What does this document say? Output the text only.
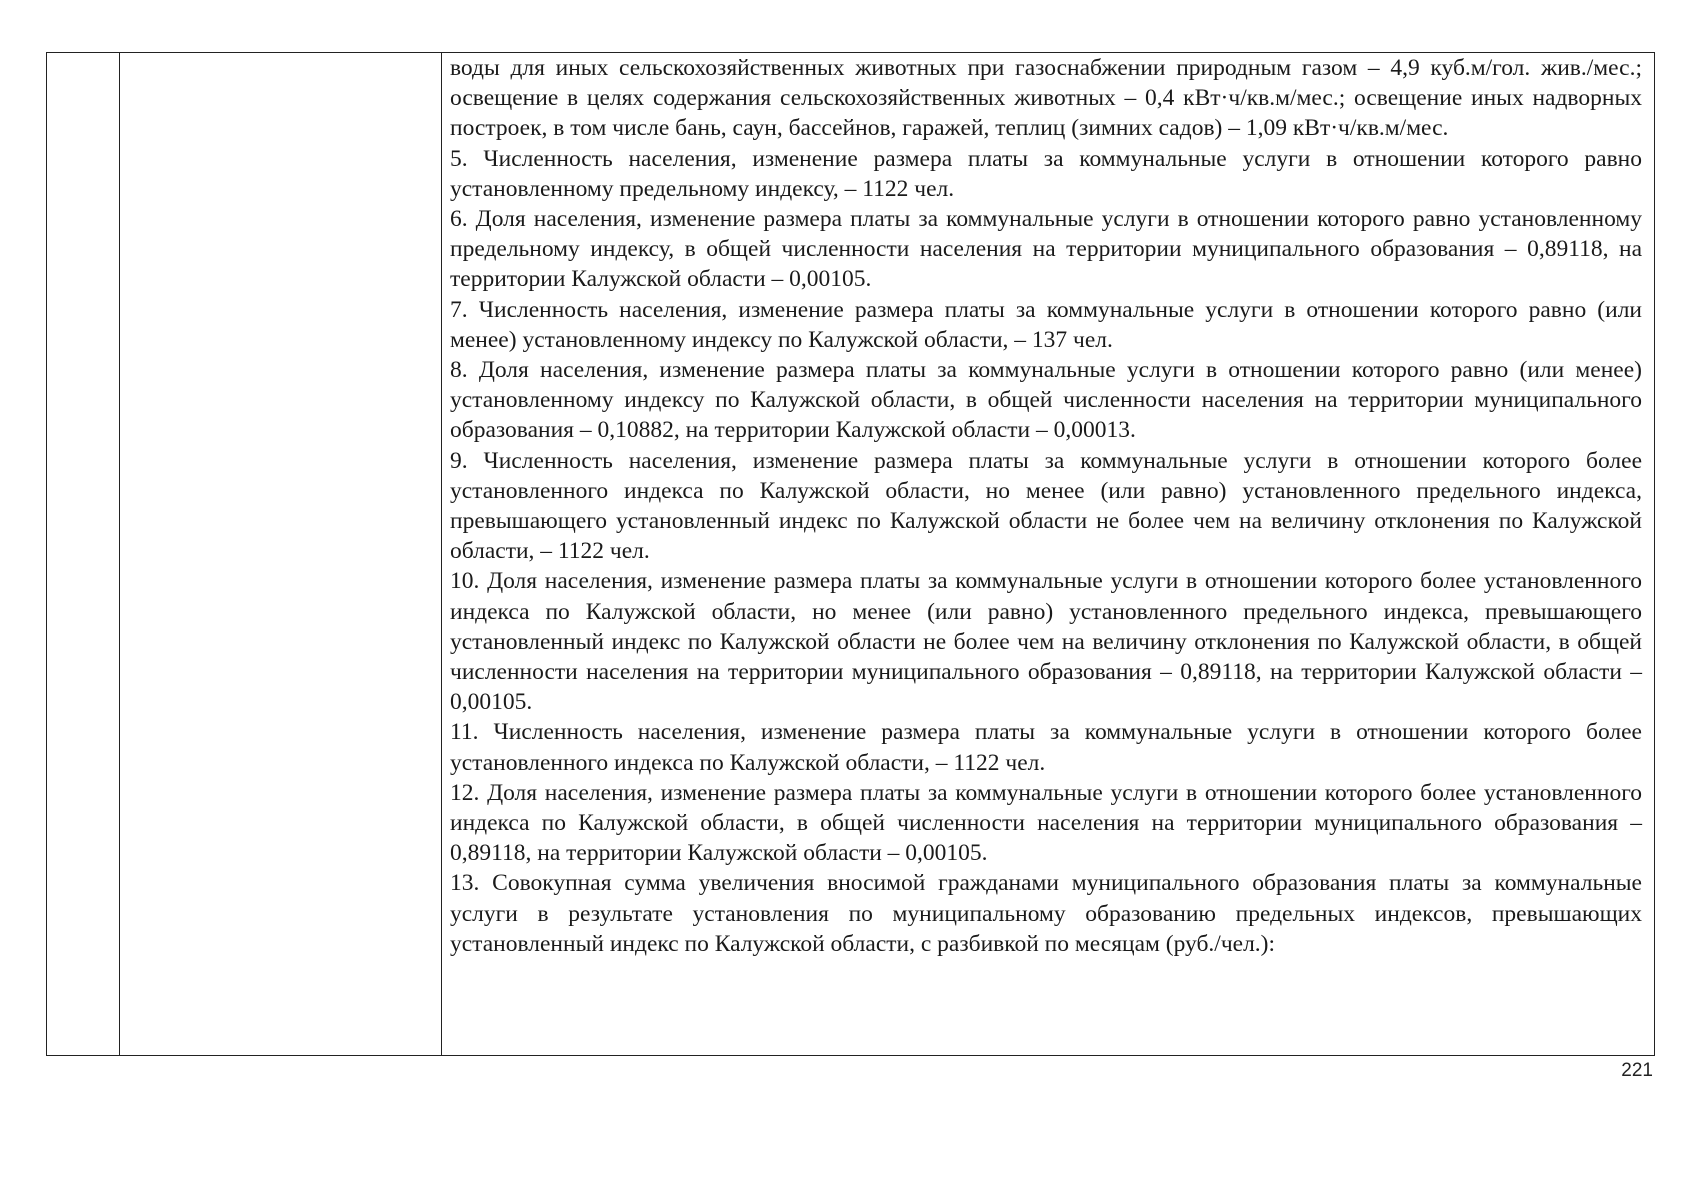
воды для иных сельскохозяйственных животных при газоснабжении природным газом – 4,9 куб.м/гол. жив./мес.; освещение в целях содержания сельскохозяйственных животных – 0,4 кВт·ч/кв.м/мес.; освещение иных надворных построек, в том числе бань, саун, бассейнов, гаражей, теплиц (зимних садов) – 1,09 кВт·ч/кв.м/мес.

5. Численность населения, изменение размера платы за коммунальные услуги в отношении которого равно установленному предельному индексу, – 1122 чел.

6. Доля населения, изменение размера платы за коммунальные услуги в отношении которого равно установленному предельному индексу, в общей численности населения на территории муниципального образования – 0,89118, на территории Калужской области – 0,00105.

7. Численность населения, изменение размера платы за коммунальные услуги в отношении которого равно (или менее) установленному индексу по Калужской области, – 137 чел.

8. Доля населения, изменение размера платы за коммунальные услуги в отношении которого равно (или менее) установленному индексу по Калужской области, в общей численности населения на территории муниципального образования – 0,10882, на территории Калужской области – 0,00013.

9. Численность населения, изменение размера платы за коммунальные услуги в отношении которого более установленного индекса по Калужской области, но менее (или равно) установленного предельного индекса, превышающего установленный индекс по Калужской области не более чем на величину отклонения по Калужской области, – 1122 чел.

10. Доля населения, изменение размера платы за коммунальные услуги в отношении которого более установленного индекса по Калужской области, но менее (или равно) установленного предельного индекса, превышающего установленный индекс по Калужской области не более чем на величину отклонения по Калужской области, в общей численности населения на территории муниципального образования – 0,89118, на территории Калужской области – 0,00105.

11. Численность населения, изменение размера платы за коммунальные услуги в отношении которого более установленного индекса по Калужской области, – 1122 чел.

12. Доля населения, изменение размера платы за коммунальные услуги в отношении которого более установленного индекса по Калужской области, в общей численности населения на территории муниципального образования – 0,89118, на территории Калужской области – 0,00105.

13. Совокупная сумма увеличения вносимой гражданами муниципального образования платы за коммунальные услуги в результате установления по муниципальному образованию предельных индексов, превышающих установленный индекс по Калужской области, с разбивкой по месяцам (руб./чел.):

221
